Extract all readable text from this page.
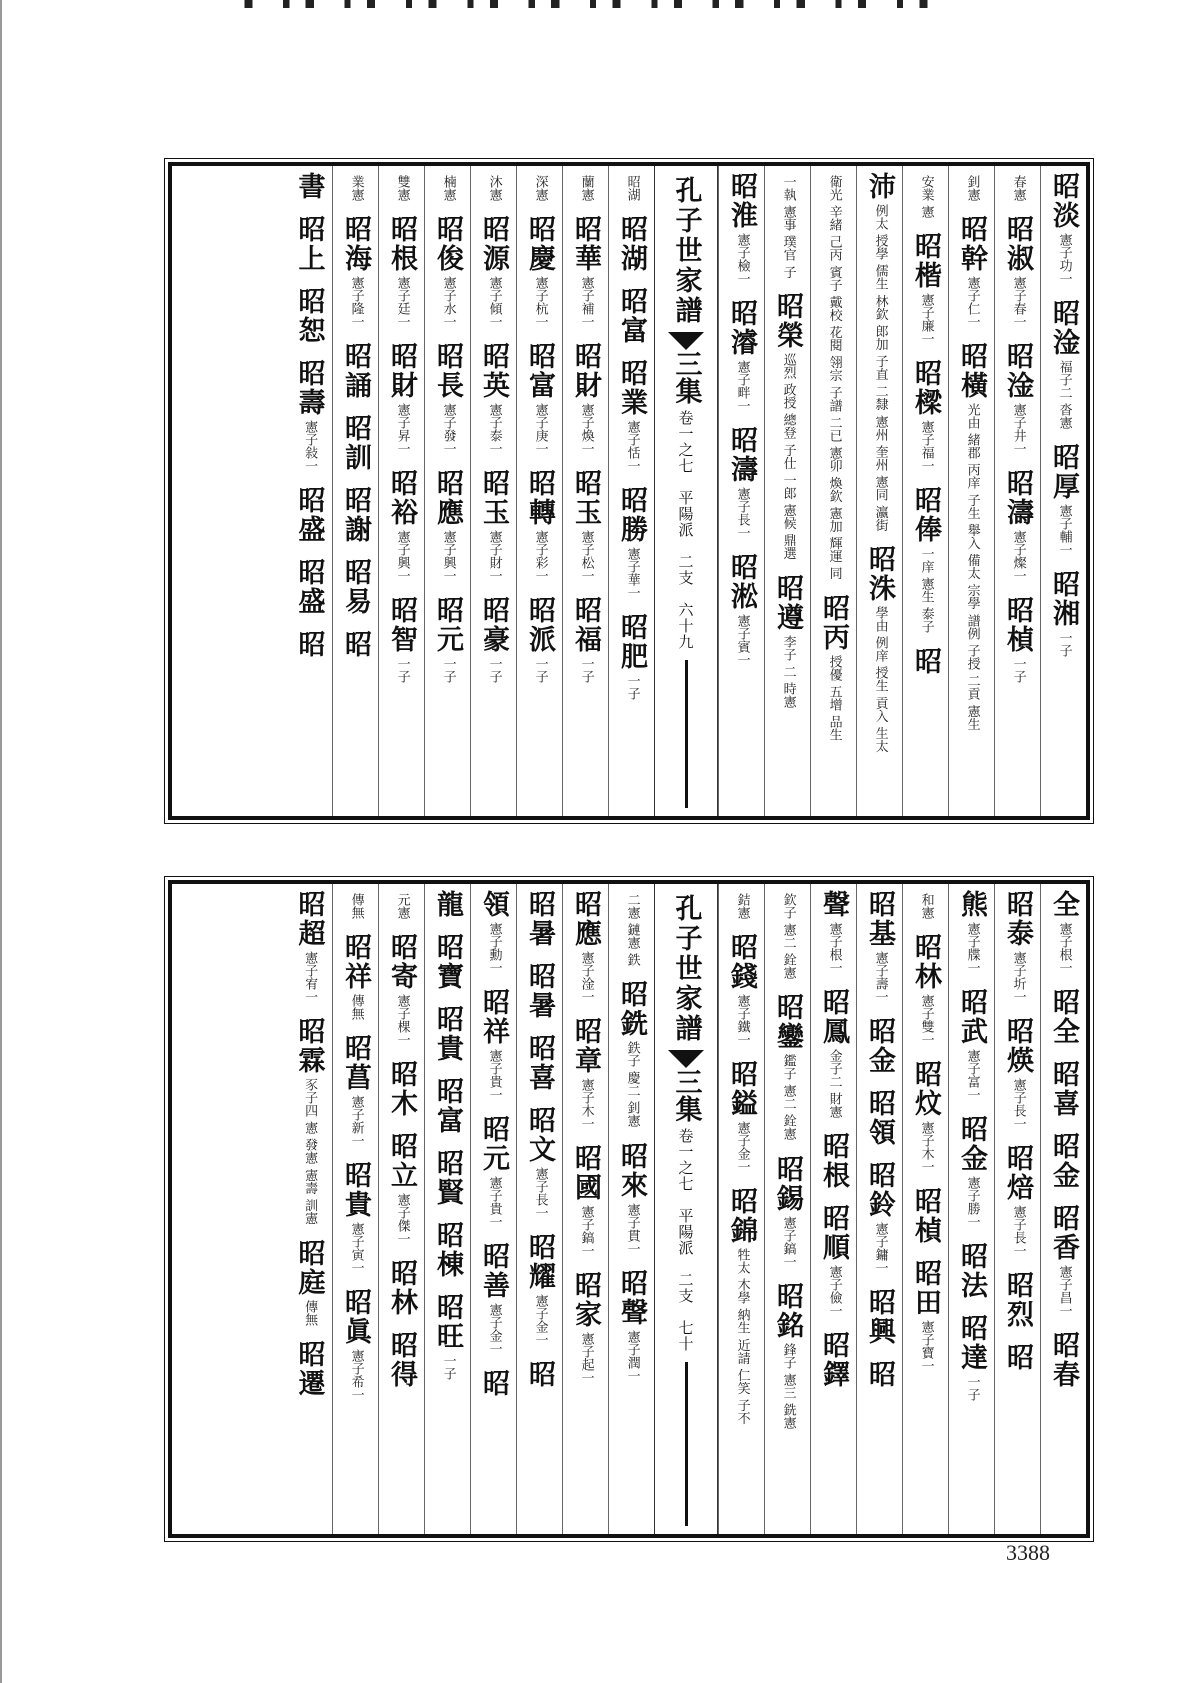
昭淡
憲子功一
昭淦
福子二 沓憲
昭厚
憲子輔一
昭湘
一子
春憲
昭淑
憲子春一
昭淦
憲子井一
昭濤
憲子燦一
昭楨
一子
釗憲
昭幹
憲子仁一
昭橫
光由 緒郡 丙庠 子生 舉入 備太 宗學 譜例 子授 二貢 憲生
安業 憲
昭楷
憲子廉一
昭樑
憲子福一
昭俸
一庠 憲生 泰子
昭
沛
例太 授學 儒生 林欽 郎加 子直 二隸 憲州 奎州 憲同 瀛街
昭洙
學由 例庠 授生 貢入 生太
衛光 辛緒 己丙 賓子 戴校 花閱 翎宗 子譜 二已 憲卯 煥欽 憲加 輝運 同
昭丙
授優 五增 品生
一執 憲事 璞官 子
昭榮
巡烈 政授 總登 子仕 一郎 憲候 鼎選
昭遵
李子 二 時憲
昭淮
憲子檢一
昭濬
憲子畔一
昭濤
憲子長一
昭淞
憲子賓一
孔子世家譜
三集
卷一之七　平陽派　二支　六十九
昭湖
昭湖
昭富
昭業
憲子恬一
昭勝
憲子華一
昭肥
一子
蘭憲
昭華
憲子補一
昭財
憲子煥一
昭玉
憲子松一
昭福
一子
深憲
昭慶
憲子杭一
昭富
憲子庚一
昭轉
憲子彩一
昭派
一子
沐憲
昭源
憲子傾一
昭英
憲子泰一
昭玉
憲子財一
昭豪
一子
楠憲
昭俊
憲子水一
昭長
憲子發一
昭應
憲子興一
昭元
一子
雙憲
昭根
憲子廷一
昭財
憲子昇一
昭裕
憲子興一
昭智
一子
業憲
昭海
憲子隆一
昭誦
昭訓
昭謝
昭易
昭
書
昭上
昭恕
昭壽
憲子敍一
昭盛
昭盛
昭
全
憲子根一
昭全
昭喜
昭金
昭香
憲子昌一
昭春
昭泰
憲子圻一
昭煐
憲子長一
昭焙
憲子長一
昭烈
昭
熊
憲子牒一
昭武
憲子富一
昭金
憲子勝一
昭法
昭達
一子
和憲
昭林
憲子雙一
昭炆
憲子木一
昭楨
昭田
憲子寶一
昭基
憲子壽一
昭金
昭領
昭鈴
憲子鏞一
昭興
昭
聲
憲子根一
昭鳳
金子二 財憲
昭根
昭順
憲子儉一
昭鐸
欽子 憲二 銓憲
昭鑾
鑑子 憲二 銓憲
昭錫
憲子鎬一
昭銘
鋒子 憲三 銑憲
銡憲
昭錢
憲子鐵一
昭鎰
憲子金一
昭錦
牲太 木學 納生 近請 仁笑 子不
孔子世家譜
三集
卷一之七　平陽派　二支　七十
二憲 鏈憲 鉄
昭銑
鉄子 慶二 釗憲
昭來
憲子貫一
昭聲
憲子潤一
昭應
憲子淦一
昭章
憲子木一
昭國
憲子鎬一
昭家
憲子起一
昭暑
昭暑
昭喜
昭文
憲子長一
昭耀
憲子金一
昭
領
憲子勳一
昭祥
憲子貴一
昭元
憲子貴一
昭善
憲子金一
昭
龍
昭寶
昭貴
昭富
昭賢
昭棟
昭旺
一子
元憲
昭寄
憲子棵一
昭木
昭立
憲子傑一
昭林
昭得
傳無
昭祥
傳無
昭菖
憲子新一
昭貴
憲子寅一
昭眞
憲子希一
昭超
憲子宥一
昭霖
豕子四 憲 發憲 憲壽 訓憲
昭庭
傳無
昭遷
3388
